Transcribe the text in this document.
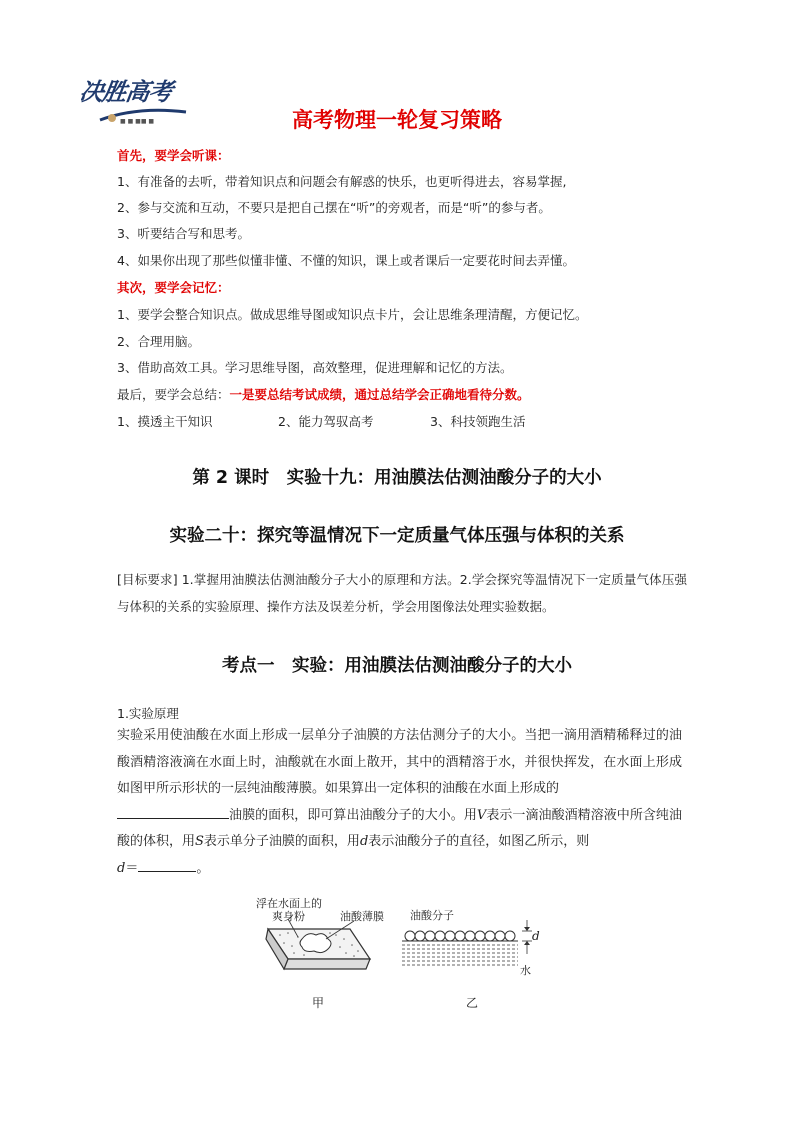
决胜高考
■ ■ ■■ ■	高考物理一轮复习策略
首先，要学会听课：
1、有准备的去听，带着知识点和问题会有解惑的快乐，也更听得进去，容易掌握,
2、参与交流和互动，不要只是把自己摆在“听”的旁观者，而是“听”的参与者。
3、听要结合写和思考。
4、如果你出现了那些似懂非懂、不懂的知识，课上或者课后一定要花时间去弄懂。
其次，要学会记忆：
1、要学会整合知识点。做成思维导图或知识点卡片，会让思维条理清醒，方便记忆。
2、合理用脑。
3、借助高效工具。学习思维导图，高效整理，促进理解和记忆的方法。
最后，要学会总结：一是要总结考试成绩，通过总结学会正确地看待分数。
1、摸透主干知识	2、能力驾驭高考	3、科技领跑生活
第 2 课时　实验十九：用油膜法估测油酸分子的大小
实验二十：探究等温情况下一定质量气体压强与体积的关系
[目标要求] 1.掌握用油膜法估测油酸分子大小的原理和方法。2.学会探究等温情况下一定质量气体压强与体积的关系的实验原理、操作方法及误差分析，学会用图像法处理实验数据。
考点一　实验：用油膜法估测油酸分子的大小
1.实验原理
实验采用使油酸在水面上形成一层单分子油膜的方法估测分子的大小。当把一滴用酒精稀释过的油酸酒精溶液滴在水面上时，油酸就在水面上散开，其中的酒精溶于水，并很快挥发，在水面上形成如图甲所示形状的一层纯油酸薄膜。如果算出一定体积的油酸在水面上形成的
油膜的面积，即可算出油酸分子的大小。用V表示一滴油酸酒精溶液中所含纯油酸的体积，用S表示单分子油膜的面积，用d表示油酸分子的直径，如图乙所示，则
d＝	。
浮在水面上的
爽身粉	油酸薄膜
甲
油酸分子
d
水
乙
